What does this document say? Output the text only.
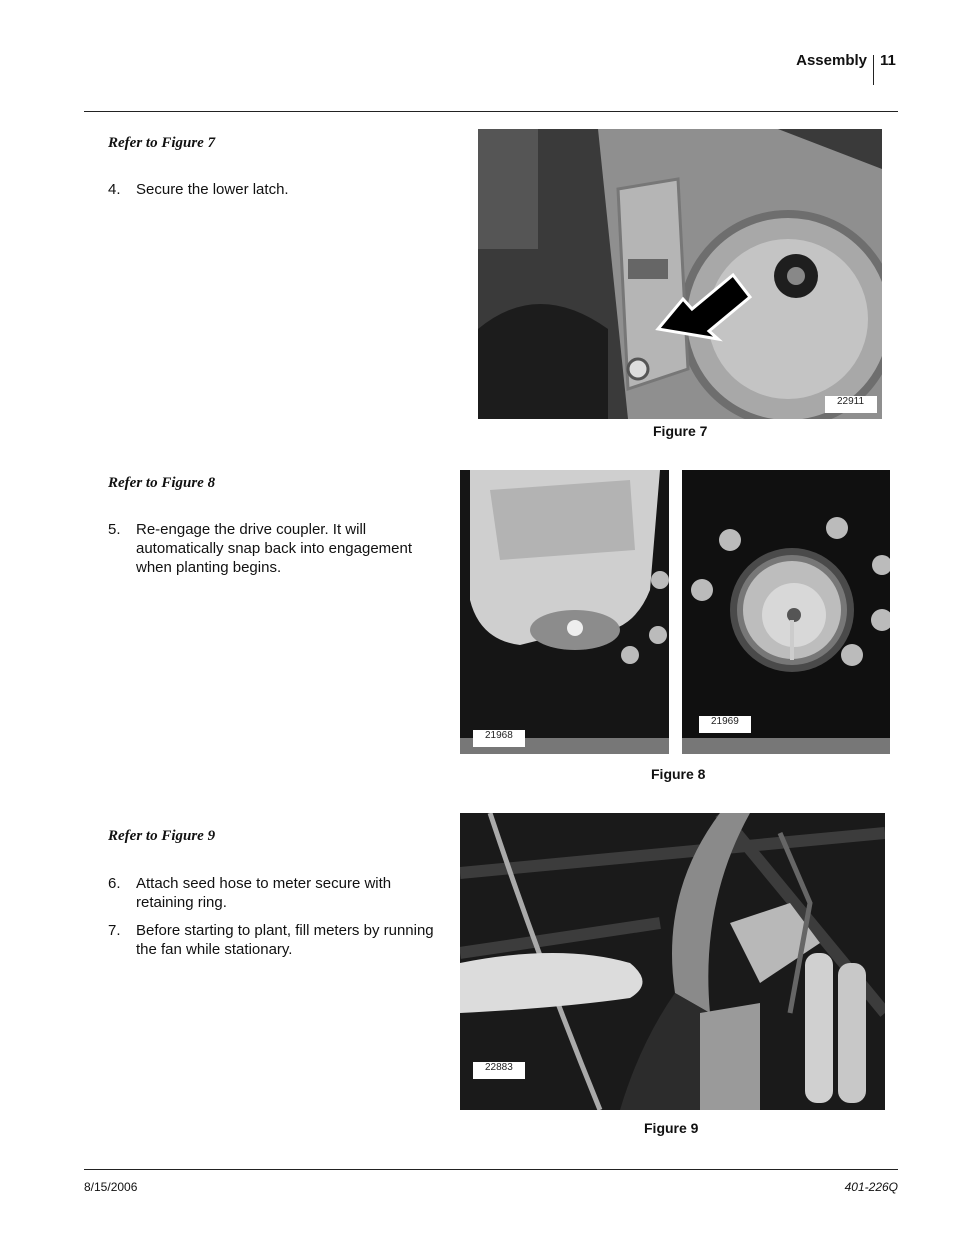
Assembly 11
Refer to Figure 7
4. Secure the lower latch.
22911
Figure 7
Refer to Figure 8
5. Re-engage the drive coupler. It will automatically snap back into engagement when planting begins.
21968
21969
Figure 8
Refer to Figure 9
6. Attach seed hose to meter secure with retaining ring.
7. Before starting to plant, fill meters by running the fan while stationary.
22883
Figure 9
8/15/2006	401-226Q
